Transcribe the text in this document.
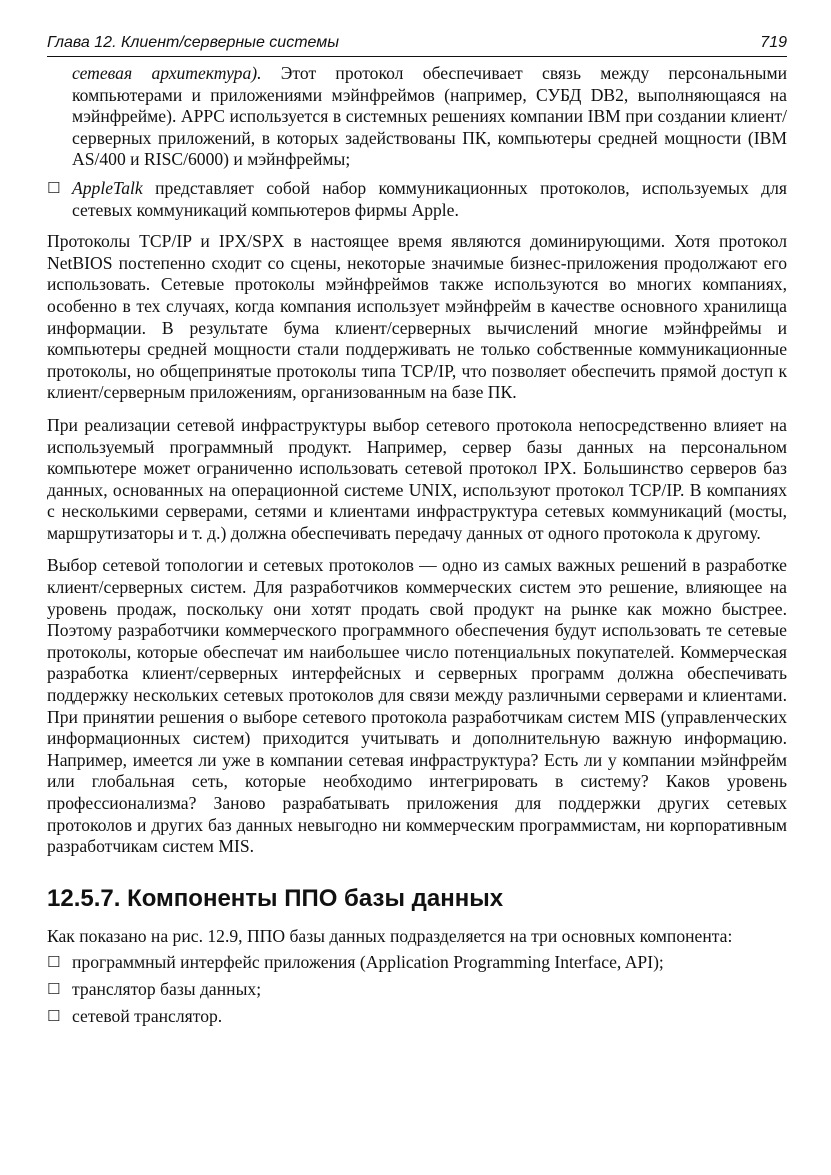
Глава 12. Клиент/серверные системы	719

сетевая архитектура). Этот протокол обеспечивает связь между персональными компьютерами и приложениями мэйнфреймов (например, СУБД DB2, выполняющаяся на мэйнфрейме). APPC используется в системных решениях компании IBM при создании клиент/серверных приложений, в которых задействованы ПК, компьютеры средней мощности (IBM AS/400 и RISC/6000) и мэйнфреймы;

☐ AppleTalk представляет собой набор коммуникационных протоколов, используемых для сетевых коммуникаций компьютеров фирмы Apple.

Протоколы TCP/IP и IPX/SPX в настоящее время являются доминирующими. Хотя протокол NetBIOS постепенно сходит со сцены, некоторые значимые бизнес-приложения продолжают его использовать. Сетевые протоколы мэйнфреймов также используются во многих компаниях, особенно в тех случаях, когда компания использует мэйнфрейм в качестве основного хранилища информации. В результате бума клиент/серверных вычислений многие мэйнфреймы и компьютеры средней мощности стали поддерживать не только собственные коммуникационные протоколы, но общепринятые протоколы типа TCP/IP, что позволяет обеспечить прямой доступ к клиент/серверным приложениям, организованным на базе ПК.

При реализации сетевой инфраструктуры выбор сетевого протокола непосредственно влияет на используемый программный продукт. Например, сервер базы данных на персональном компьютере может ограниченно использовать сетевой протокол IPX. Большинство серверов баз данных, основанных на операционной системе UNIX, используют протокол TCP/IP. В компаниях с несколькими серверами, сетями и клиентами инфраструктура сетевых коммуникаций (мосты, маршрутизаторы и т. д.) должна обеспечивать передачу данных от одного протокола к другому.

Выбор сетевой топологии и сетевых протоколов — одно из самых важных решений в разработке клиент/серверных систем. Для разработчиков коммерческих систем это решение, влияющее на уровень продаж, поскольку они хотят продать свой продукт на рынке как можно быстрее. Поэтому разработчики коммерческого программного обеспечения будут использовать те сетевые протоколы, которые обеспечат им наибольшее число потенциальных покупателей. Коммерческая разработка клиент/серверных интерфейсных и серверных программ должна обеспечивать поддержку нескольких сетевых протоколов для связи между различными серверами и клиентами. При принятии решения о выборе сетевого протокола разработчикам систем MIS (управленческих информационных систем) приходится учитывать и дополнительную важную информацию. Например, имеется ли уже в компании сетевая инфраструктура? Есть ли у компании мэйнфрейм или глобальная сеть, которые необходимо интегрировать в систему? Каков уровень профессионализма? Заново разрабатывать приложения для поддержки других сетевых протоколов и других баз данных невыгодно ни коммерческим программистам, ни корпоративным разработчикам систем MIS.

12.5.7. Компоненты ППО базы данных

Как показано на рис. 12.9, ППО базы данных подразделяется на три основных компонента:

☐ программный интерфейс приложения (Application Programming Interface, API);

☐ транслятор базы данных;

☐ сетевой транслятор.
